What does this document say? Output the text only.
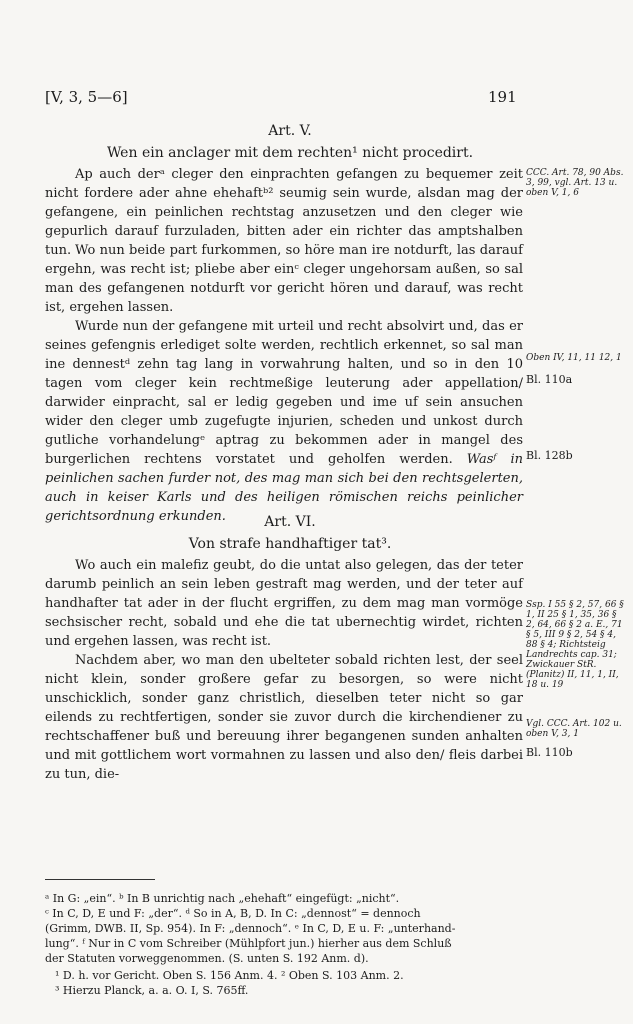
[V, 3, 5—6]	191
Art. V.
Wen ein anclager mit dem rechten¹ nicht procedirt.

Ap auch derᵃ cleger den einprachten gefangen zu bequemer zeit nicht fordere ader ahne ehehaftᵇ² seumig sein wurde, alsdan mag der gefangene, ein peinlichen rechtstag anzusetzen und den cleger wie gepurlich darauf furzuladen, bitten ader ein richter das amptshalben tun. Wo nun beide part furkommen, so höre man ire notdurft, las darauf ergehn, was recht ist; pliebe aber einᶜ cleger ungehorsam außen, so sal man des gefangenen notdurft vor gericht hören und darauf, was recht ist, ergehen lassen.

Wurde nun der gefangene mit urteil und recht absolvirt und, das er seines gefengnis erlediget solte werden, rechtlich erkennet, so sal man ine dennestᵈ zehn tag lang in vorwahrung halten, und so in den 10 tagen vom cleger kein rechtmeßige leuterung ader appellation/ darwider einpracht, sal er ledig gegeben und ime uf sein ansuchen wider den cleger umb zugefugte injurien, scheden und unkost durch gutliche vorhandelungᵉ aptrag zu bekommen ader in mangel des burgerlichen rechtens vorstatet und geholfen werden. Wasᶠ in peinlichen sachen furder not, des mag man sich bei den rechtsgelerten, auch in keiser Karls und des heiligen römischen reichs peinlicher gerichtsordnung erkunden.	Art. VI.
Von strafe handhaftiger tat³.

Wo auch ein malefiz geubt, do die untat also gelegen, das der teter darumb peinlich an sein leben gestraft mag werden, und der teter auf handhafter tat ader in der flucht ergriffen, zu dem mag man vormöge sechsischer recht, sobald und ehe die tat ubernechtig wirdet, richten und ergehen lassen, was recht ist.

Nachdem aber, wo man den ubelteter sobald richten lest, der seel nicht klein, sonder großere gefar zu besorgen, so were nicht unschicklich, sonder ganz christlich, dieselben teter nicht so gar eilends zu rechtfertigen, sonder sie zuvor durch die kirchendiener zu rechtschaffener buß und bereuung ihrer begangenen sunden anhalten und mit gottlichem wort vormahnen zu lassen und also den/ fleis darbei zu tun, die-

CCC. Art. 78, 90 Abs. 3, 99, vgl. Art. 13 u. oben V, 1, 6
Oben IV, 11, 11 12, 1
Bl. 110a
Bl. 128b
Ssp. I 55 § 2, 57, 66 § 1, II 25 § 1, 35, 36 § 2, 64, 66 § 2 a. E., 71 § 5, III 9 § 2, 54 § 4, 88 § 4; Richtsteig Landrechts cap. 31; Zwickauer StR. (Planitz) II, 11, 1, II, 18 u. 19
Vgl. CCC. Art. 102 u. oben V, 3, 1
Bl. 110b

ᵃ In G: „ein“. ᵇ In B unrichtig nach „ehehaft“ eingefügt: „nicht“.

ᶜ In C, D, E und F: „der“. ᵈ So in A, B, D. In C: „dennost“ = dennoch

(Grimm, DWB. II, Sp. 954). In F: „dennoch“. ᵉ In C, D, E u. F: „unterhand-

lung“. ᶠ Nur in C vom Schreiber (Mühlpfort jun.) hierher aus dem Schluß

der Statuten vorweggenommen. (S. unten S. 192 Anm. d).

¹ D. h. vor Gericht. Oben S. 156 Anm. 4. ² Oben S. 103 Anm. 2.

³ Hierzu Planck, a. a. O. I, S. 765ff.
